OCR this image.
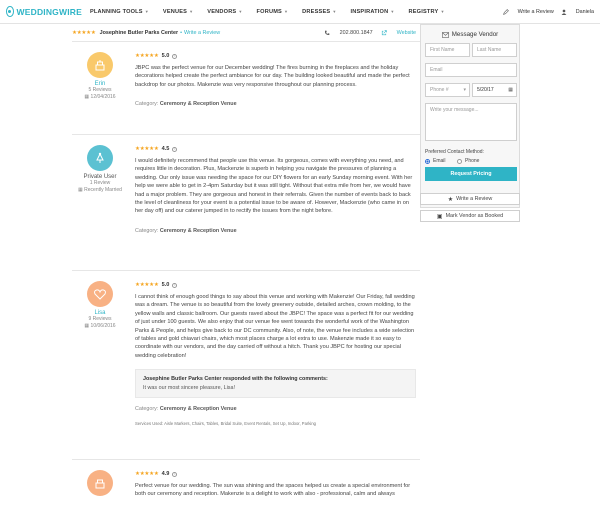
WEDDINGWIRE PLANNING TOOLS ▼	VENUES ▼	VENDORS ▼	FORUMS ▼	DRESSES ▼	INSPIRATION ▼	REGISTRY ▼	Write a Review	Daniela
★★★★★ Josephine Butler Parks Center • Write a Review	202.800.1847	Website
Erin
5 Reviews
▦ 12/04/2016
★★★★★ 5.0	i
JBPC was the perfect venue for our December wedding! The fires burning in the fireplaces and the holiday decorations helped create the perfect ambiance for our day. The building looked beautiful and made the perfect backdrop for our photos. Makenzie was very responsive throughout our planning process.
Category: Ceremony & Reception Venue
Private User
1 Review
▦ Recently Married
★★★★★ 4.5	i
I would definitely recommend that people use this venue. Its gorgeous, comes with everything you need, and requires little in decoration. Plus, Mackenzie is superb in helping you navigate the pressures of planning a wedding. Our only issue was needing the space for our DIY flowers for an early Sunday morning event. With her help we were able to get in 2-4pm Saturday but it was still tight. Without that extra mile from her, we would have had a major problem. They are gorgeous and honest in their referrals. Given the number of events back to back the level of cleanliness for your event is a potential issue to be aware of. However, Mackenzie (who came in on her day off) and our caterer jumped in to rectify the issues from the night before.
Category: Ceremony & Reception Venue
Lisa
9 Reviews
▦ 10/06/2016
★★★★★ 5.0	i
I cannot think of enough good things to say about this venue and working with Makenzie! Our Friday, fall wedding was a dream. The venue is so beautiful from the lovely greenery outside, detailed arches, crown molding, to the yellow walls and classic ballroom. Our guests raved about the JBPC! The space was a perfect fit for our wedding of just under 100 guests. We also enjoy that our venue fee went towards the wonderful work of the Washington Parks & People, and helps give back to our DC community. Also, of note, the venue fee includes a wide selection of tables and gold chiavari chairs, which most places charge a lot extra to use. Makenzie made it so easy to coordinate with our vendors, and the day carried off without a hitch. Thank you JBPC for hosting our special wedding celebration!
Josephine Butler Parks Center responded with the following comments:
It was our most sincere pleasure, Lisa!
Category: Ceremony & Reception Venue
Services Used: Aisle Markers, Chairs, Tables, Bridal Suite, Event Rentals, Set Up, Indoor, Parking
★★★★★ 4.9	i
Perfect venue for our wedding. The sun was shining and the spaces helped us create a special environment for both our ceremony and reception. Makenzie is a delight to work with also - professional, calm and always
Message Vendor
First Name	Last Name
Email
Phone #	▾ 5/20/17	▦
Write your message...
Preferred Contact Method:
Email	Phone
Request Pricing
★ Write a Review
▣ Mark Vendor as Booked
